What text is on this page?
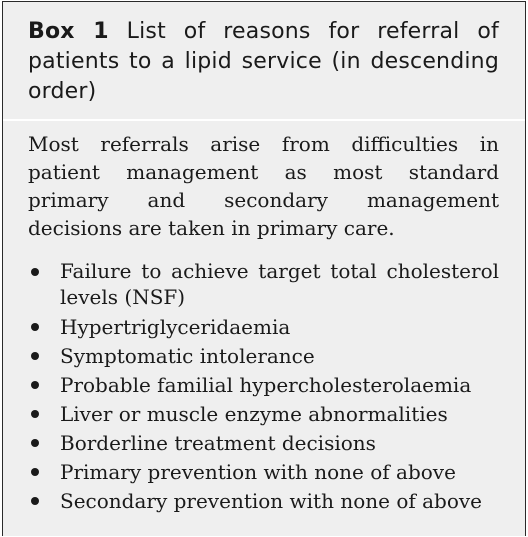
Box 1 List of reasons for referral of patients to a lipid service (in descending order)

Most referrals arise from difficulties in patient management as most standard primary and secondary management decisions are taken in primary care.

Failure to achieve target total cholesterol levels (NSF)
Hypertriglyceridaemia
Symptomatic intolerance
Probable familial hypercholesterolaemia
Liver or muscle enzyme abnormalities
Borderline treatment decisions
Primary prevention with none of above
Secondary prevention with none of above
